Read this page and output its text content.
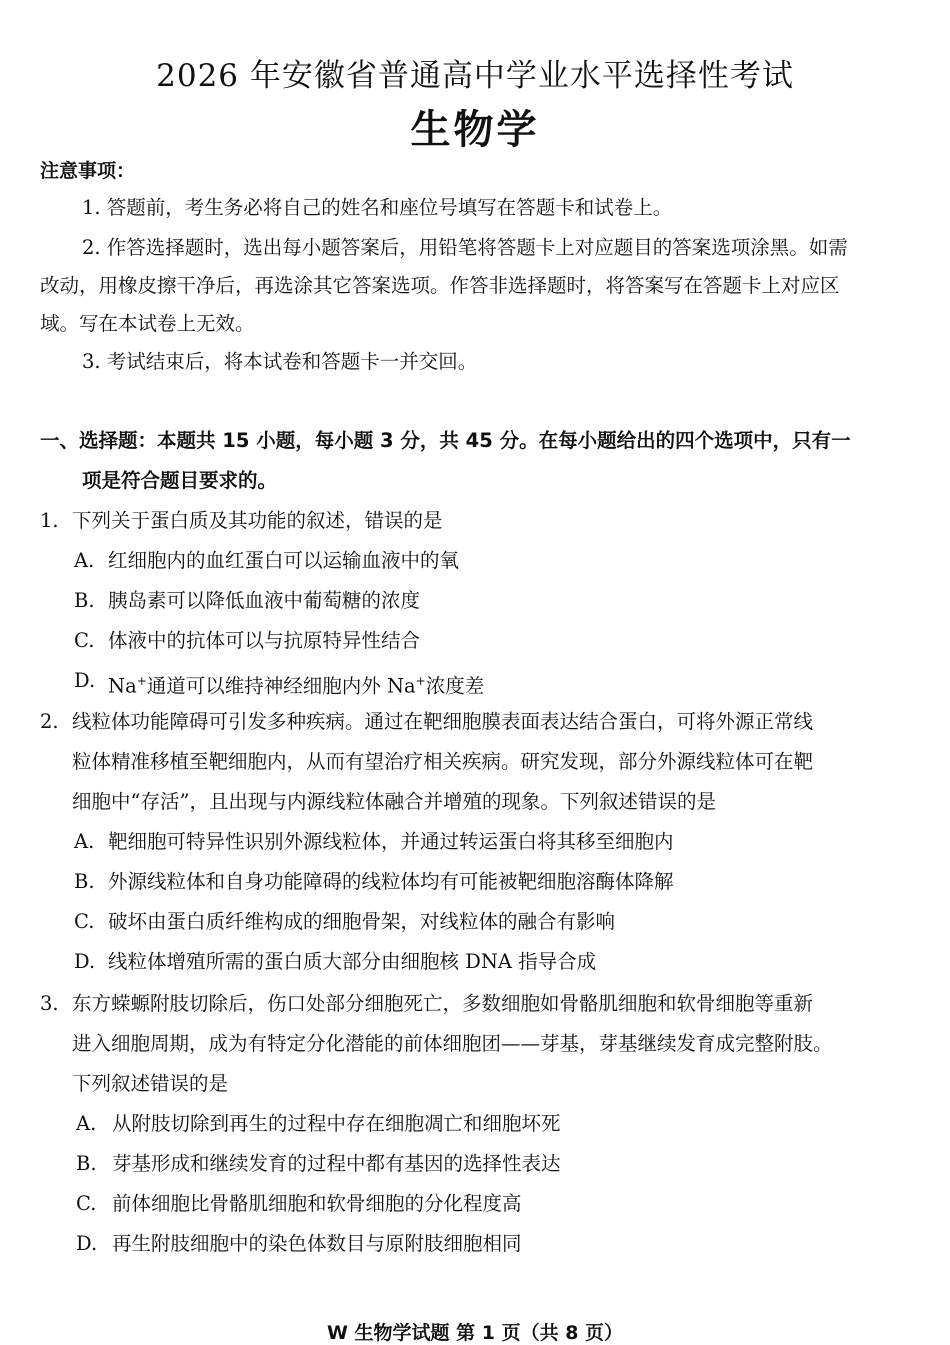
2026 年安徽省普通高中学业水平选择性考试
生物学
注意事项：
1. 答题前，考生务必将自己的姓名和座位号填写在答题卡和试卷上。
2. 作答选择题时，选出每小题答案后，用铅笔将答题卡上对应题目的答案选项涂黑。如需
改动，用橡皮擦干净后，再选涂其它答案选项。作答非选择题时，将答案写在答题卡上对应区
域。写在本试卷上无效。
3. 考试结束后，将本试卷和答题卡一并交回。
一、选择题：本题共 15 小题，每小题 3 分，共 45 分。在每小题给出的四个选项中，只有一
项是符合题目要求的。
1. 下列关于蛋白质及其功能的叙述，错误的是
A. 红细胞内的血红蛋白可以运输血液中的氧
B. 胰岛素可以降低血液中葡萄糖的浓度
C. 体液中的抗体可以与抗原特异性结合
D. Na+通道可以维持神经细胞内外 Na+浓度差
2. 线粒体功能障碍可引发多种疾病。通过在靶细胞膜表面表达结合蛋白，可将外源正常线
粒体精准移植至靶细胞内，从而有望治疗相关疾病。研究发现，部分外源线粒体可在靶
细胞中“存活”，且出现与内源线粒体融合并增殖的现象。下列叙述错误的是
A. 靶细胞可特异性识别外源线粒体，并通过转运蛋白将其移至细胞内
B. 外源线粒体和自身功能障碍的线粒体均有可能被靶细胞溶酶体降解
C. 破坏由蛋白质纤维构成的细胞骨架，对线粒体的融合有影响
D. 线粒体增殖所需的蛋白质大部分由细胞核 DNA 指导合成
3. 东方蝾螈附肢切除后，伤口处部分细胞死亡，多数细胞如骨骼肌细胞和软骨细胞等重新
进入细胞周期，成为有特定分化潜能的前体细胞团——芽基，芽基继续发育成完整附肢。
下列叙述错误的是
A. 从附肢切除到再生的过程中存在细胞凋亡和细胞坏死
B. 芽基形成和继续发育的过程中都有基因的选择性表达
C. 前体细胞比骨骼肌细胞和软骨细胞的分化程度高
D. 再生附肢细胞中的染色体数目与原附肢细胞相同
W 生物学试题 第 1 页（共 8 页）
